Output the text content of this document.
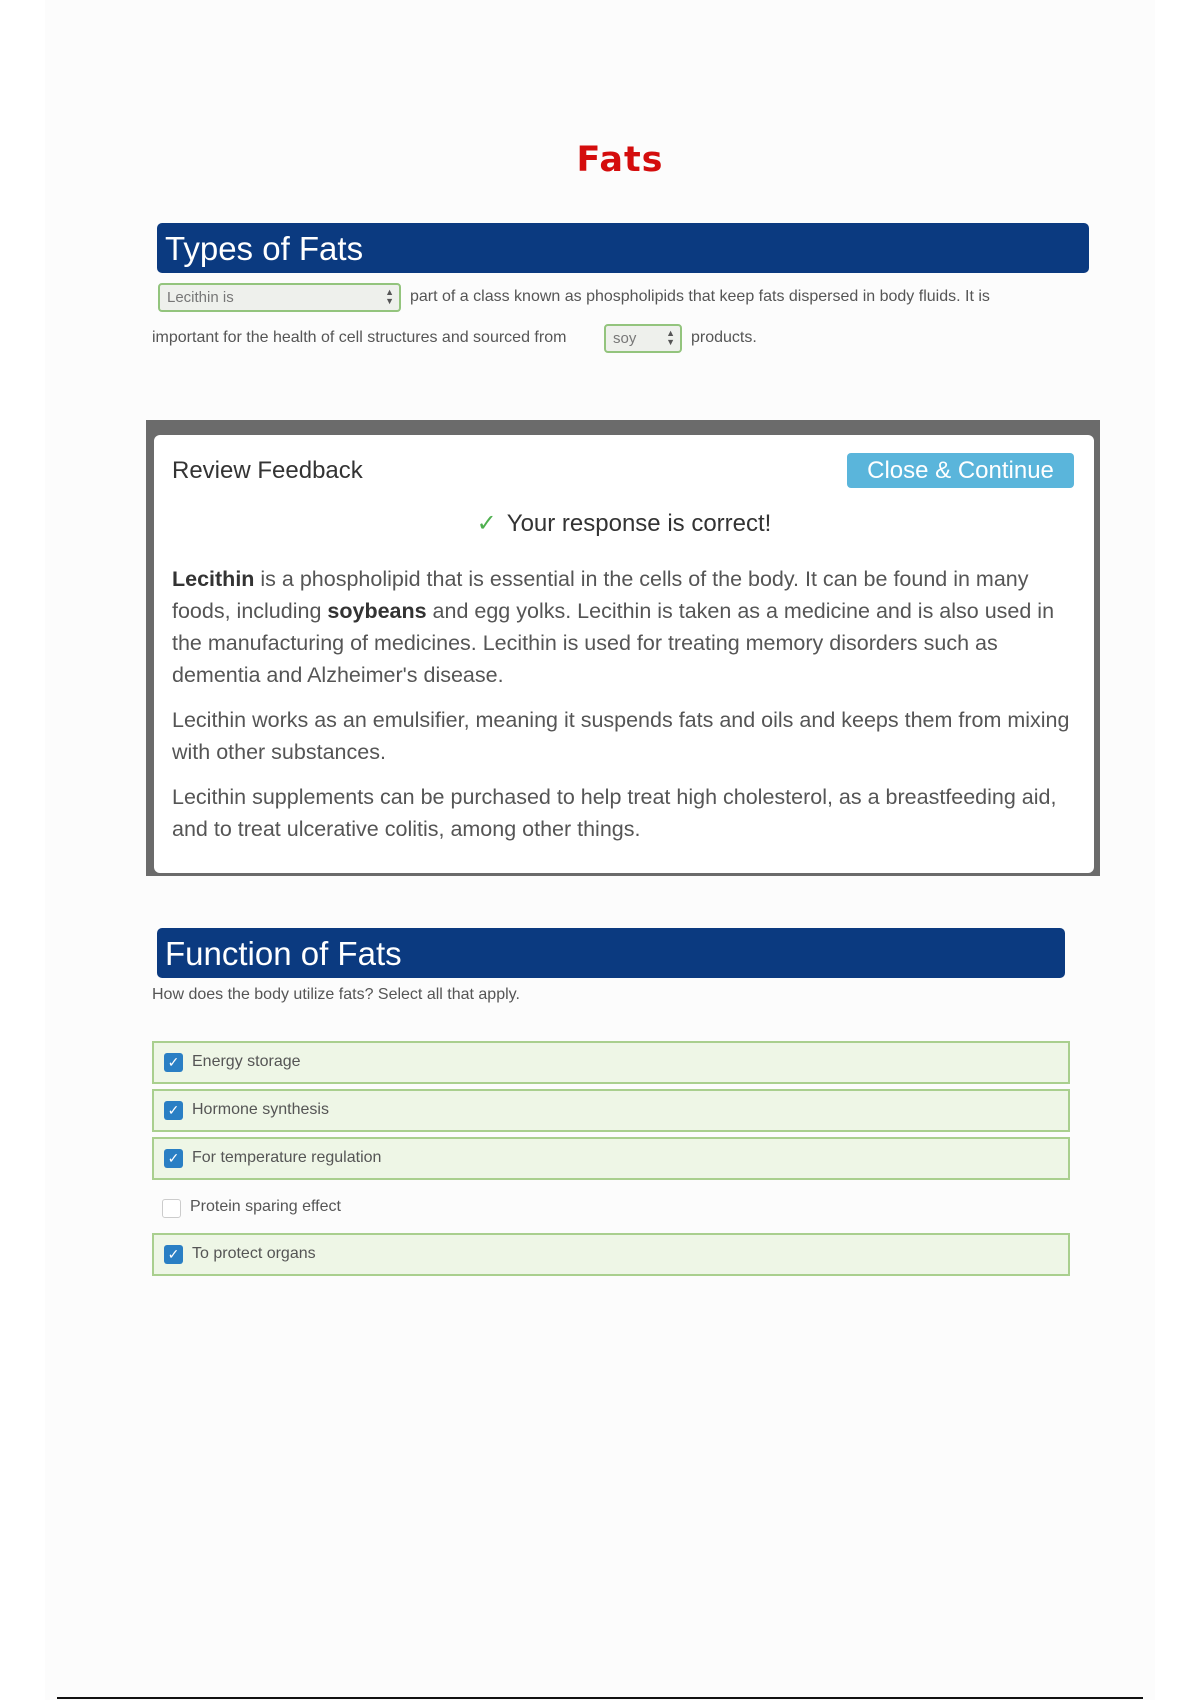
Fats
Types of Fats
Lecithin is	▲
▼ part of a class known as phospholipids that keep fats dispersed in body fluids. It is
important for the health of cell structures and sourced from	soy	▲
▼ products.
Review Feedback	Close & Continue
✓ Your response is correct!

Lecithin is a phospholipid that is essential in the cells of the body. It can be found in many foods, including soybeans and egg yolks. Lecithin is taken as a medicine and is also used in the manufacturing of medicines. Lecithin is used for treating memory disorders such as dementia and Alzheimer's disease.

Lecithin works as an emulsifier, meaning it suspends fats and oils and keeps them from mixing with other substances.

Lecithin supplements can be purchased to help treat high cholesterol, as a breastfeeding aid, and to treat ulcerative colitis, among other things.

Function of Fats
How does the body utilize fats? Select all that apply.
✓ Energy storage
✓ Hormone synthesis
✓ For temperature regulation
Protein sparing effect
✓ To protect organs
